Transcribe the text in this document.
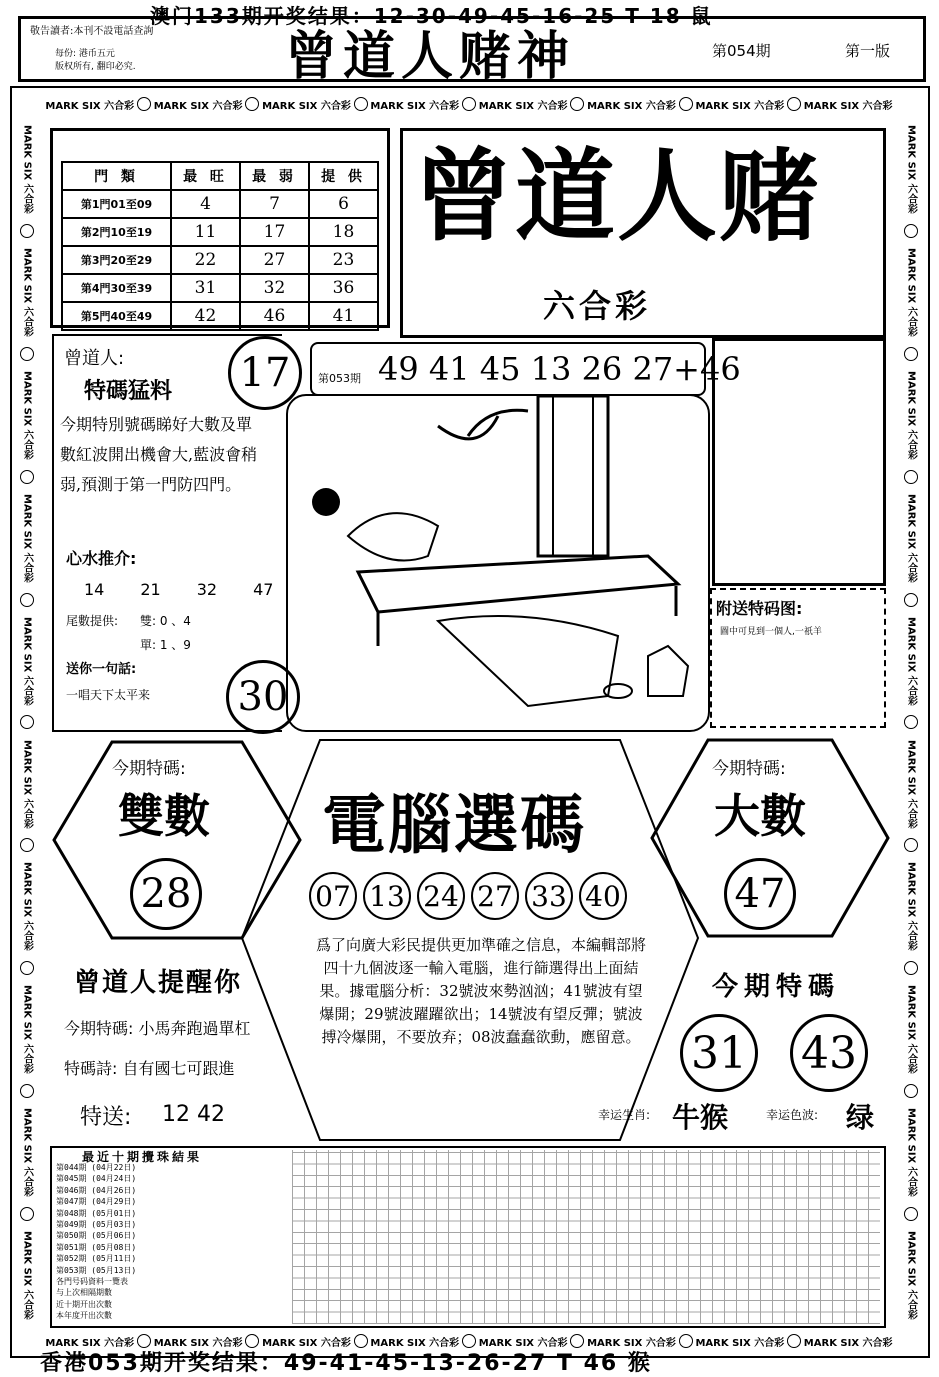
澳门133期开奖结果：12-30-49-45-16-25 T 18 鼠
敬告讀者:本刊不設電話查詢
每份: 港币五元
版权所有, 翻印必究.	曾道人赌神	第054期	第一版
MARK SIX 六合彩 MARK SIX 六合彩 MARK SIX 六合彩 MARK SIX 六合彩 MARK SIX 六合彩 MARK SIX 六合彩 MARK SIX 六合彩 MARK SIX 六合彩
MARK SIX 六合彩 MARK SIX 六合彩 MARK SIX 六合彩 MARK SIX 六合彩 MARK SIX 六合彩 MARK SIX 六合彩 MARK SIX 六合彩 MARK SIX 六合彩
MARK SIX 六合彩
MARK SIX 六合彩
MARK SIX 六合彩
MARK SIX 六合彩
MARK SIX 六合彩
MARK SIX 六合彩
MARK SIX 六合彩
MARK SIX 六合彩
MARK SIX 六合彩
MARK SIX 六合彩
MARK SIX 六合彩
MARK SIX 六合彩
MARK SIX 六合彩
MARK SIX 六合彩
MARK SIX 六合彩
MARK SIX 六合彩
MARK SIX 六合彩
MARK SIX 六合彩
MARK SIX 六合彩
MARK SIX 六合彩
門 類	最 旺	最 弱	提 供
第1門01至09	4	7	6
第2門10至19	11	17	18
第3門20至29	22	27	23
第4門30至39	31	32	36
第5門40至49	42	46	41
曾道人赌
六合彩
曾道人:
特碼猛料
今期特別號碼睇好大數及單數紅波開出機會大,藍波會稍弱,預測于第一門防四門。
心水推介:
14 21 32 47
尾數提供: 雙: 0 、4
單: 1 、9
送你一句話:
一唱天下太平来
17
30
第053期 49 41 45 13 26 27+46
附送特码图:
圖中可見到一個人,一祇羊
今期特碼:
雙數
28
今期特碼:
大數
47
電腦選碼
07 13 24 27 33 40
爲了向廣大彩民提供更加準確之信息，本編輯部將四十九個波逐一輸入電腦，進行篩選得出上面結果。據電腦分析：32號波來勢汹汹；41號波有望爆開；29號波躍躍欲出；14號波有望反彈；號波搏冷爆開，不要放弃；08波蠢蠢欲動，應留意。
曾道人提醒你
今期特碼: 小馬奔跑過單杠
特碼詩: 自有國七可跟進
特送: 12 42
今期特碼
31 43
幸运生肖: 牛猴	幸运色波: 绿
最近十期攪珠結果
第044期 (04月22日)
第045期 (04月24日)
第046期 (04月26日)
第047期 (04月29日)
第048期 (05月01日)
第049期 (05月03日)
第050期 (05月06日)
第051期 (05月08日)
第052期 (05月11日)
第053期 (05月13日)
各門号码資料一覽表
与上次相隔期數
近十期开出次數
本年度开出次數
香港053期开奖结果：49-41-45-13-26-27 T 46 猴
